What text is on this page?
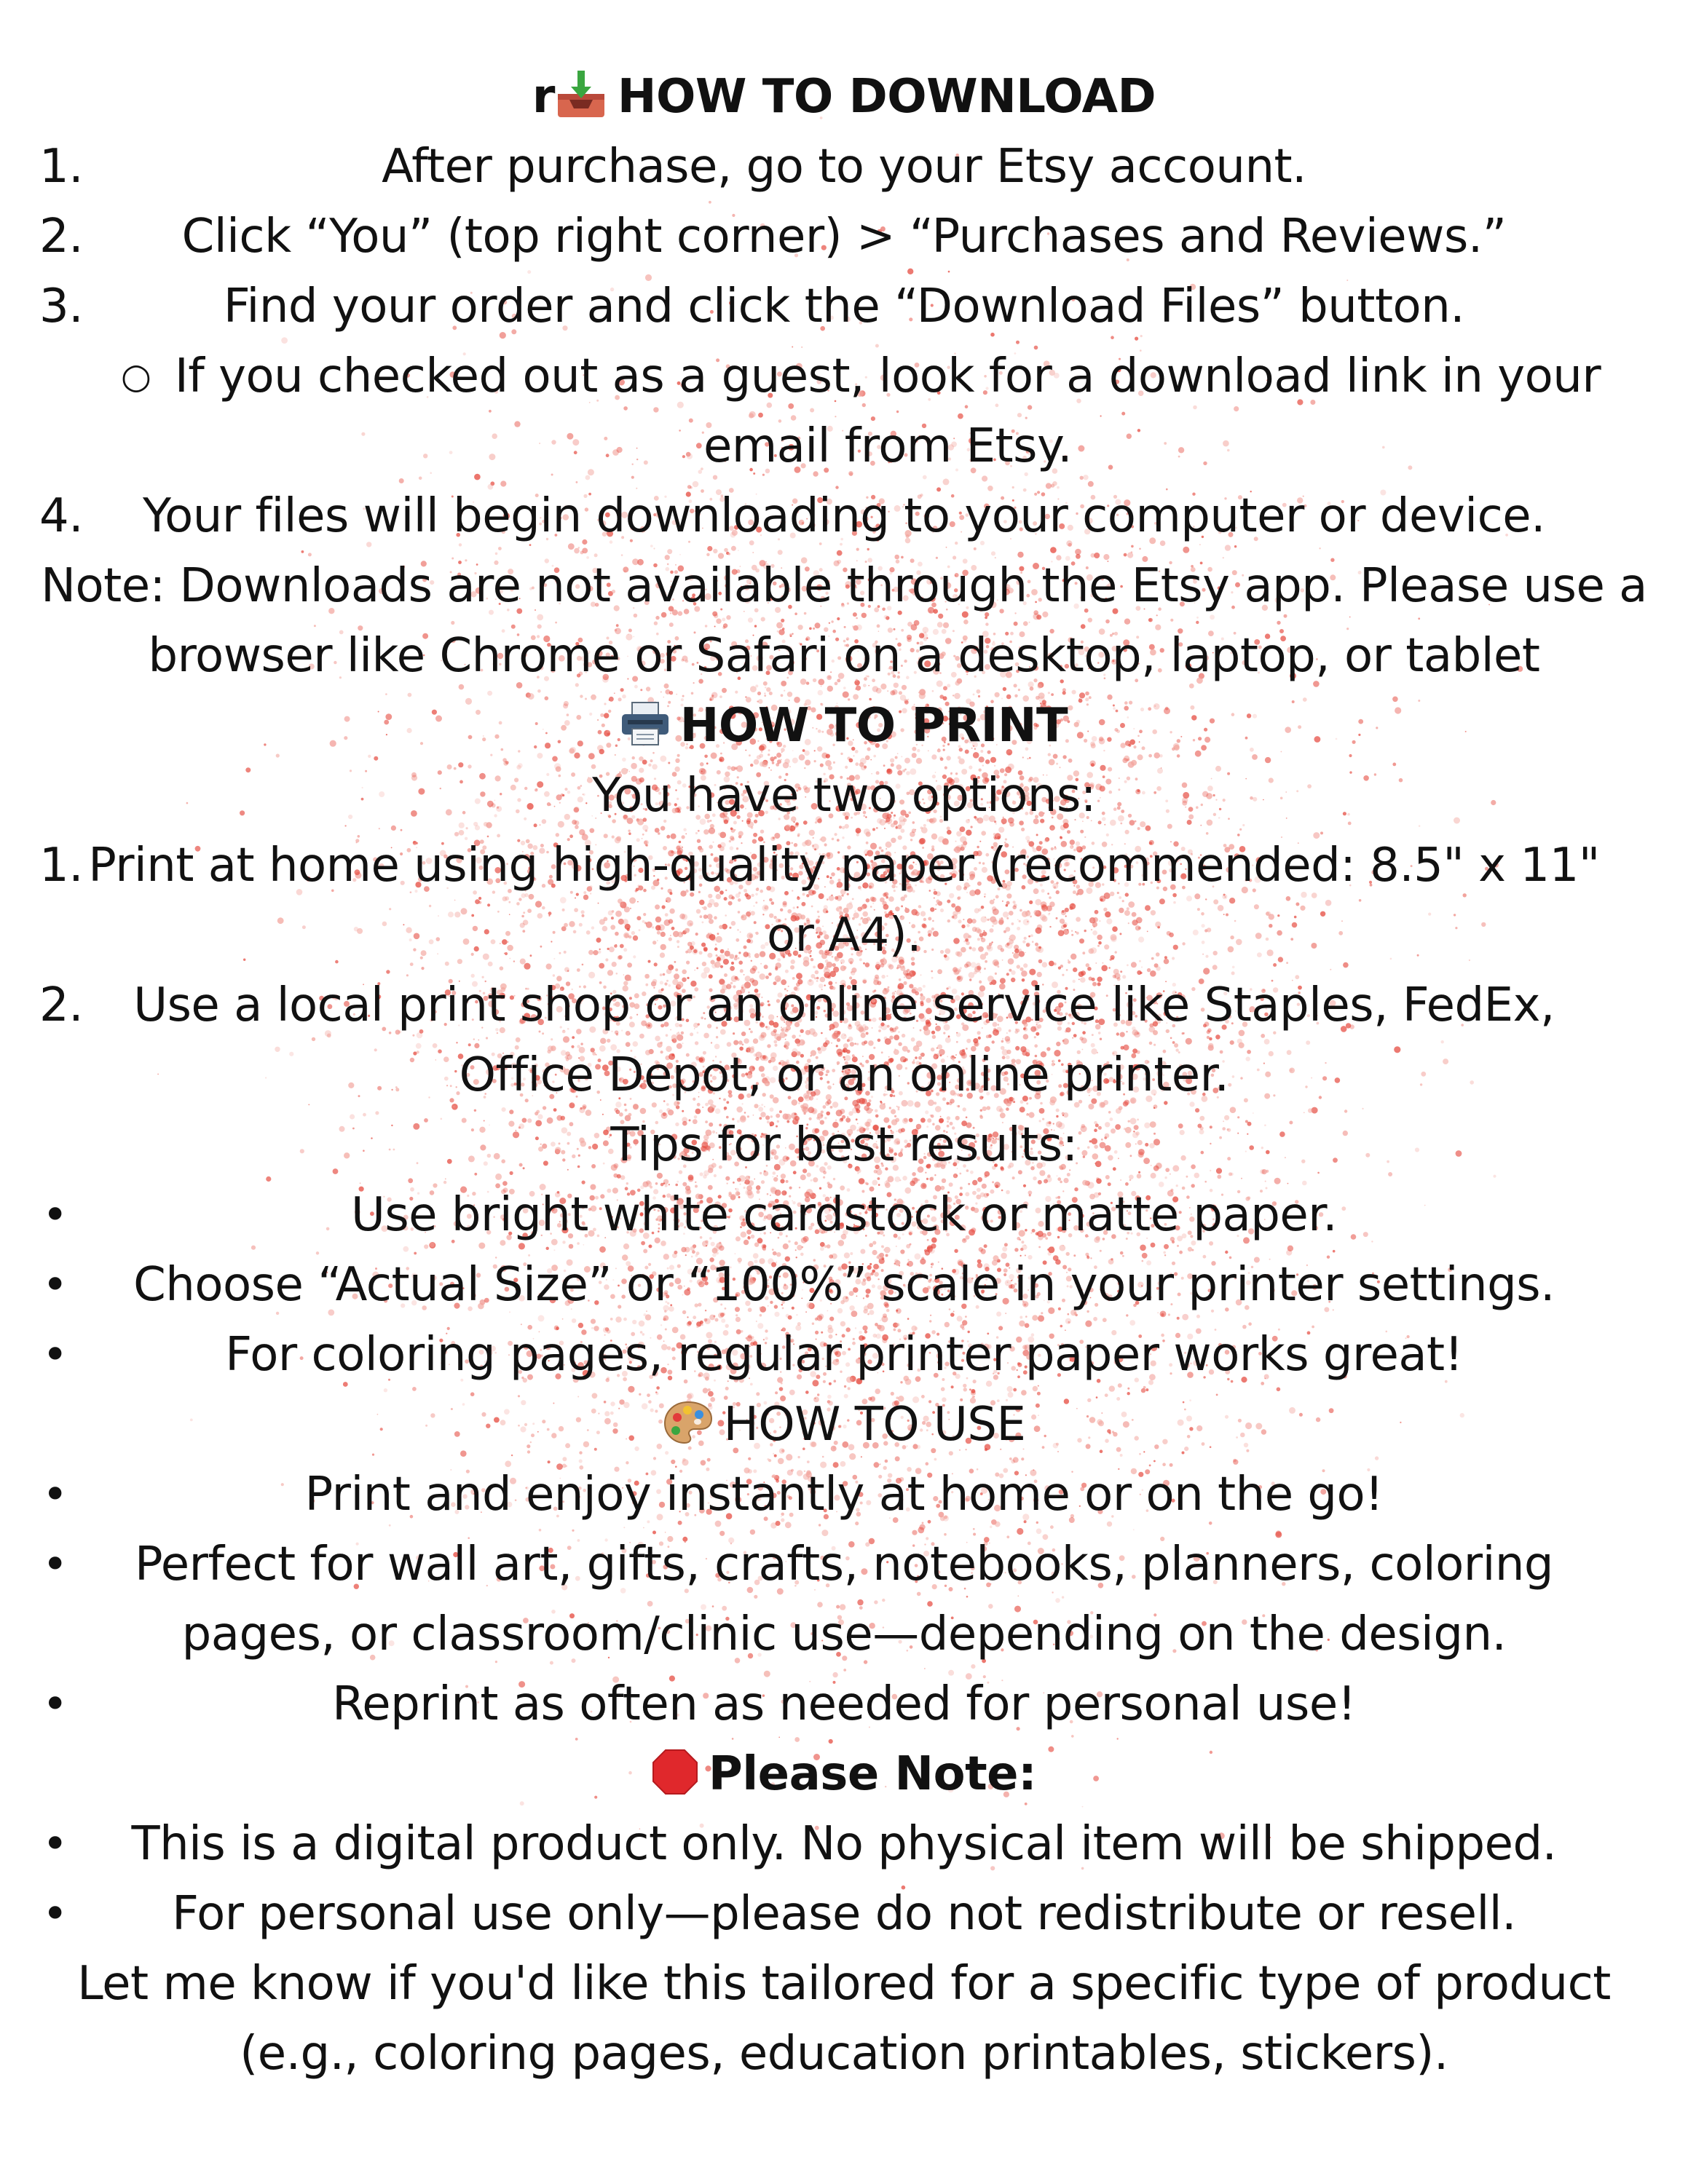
r HOW TO DOWNLOAD
1.	After purchase, go to your Etsy account.
2.	Click “You” (top right corner) > “Purchases and Reviews.”
3.	Find your order and click the “Download Files” button.
○ If you checked out as a guest, look for a download link in your
email from Etsy.
4.	Your files will begin downloading to your computer or device.
Note: Downloads are not available through the Etsy app. Please use a
browser like Chrome or Safari on a desktop, laptop, or tablet
HOW TO PRINT
You have two options:
1. Print at home using high-quality paper (recommended: 8.5" x 11"
or A4).
2.	Use a local print shop or an online service like Staples, FedEx,
Office Depot, or an online printer.
Tips for best results:
•	Use bright white cardstock or matte paper.
•	Choose “Actual Size” or “100%” scale in your printer settings.
•	For coloring pages, regular printer paper works great!
HOW TO USE
•	Print and enjoy instantly at home or on the go!
•	Perfect for wall art, gifts, crafts, notebooks, planners, coloring
pages, or classroom/clinic use—depending on the design.
•	Reprint as often as needed for personal use!
Please Note:
•	This is a digital product only. No physical item will be shipped.
•	For personal use only—please do not redistribute or resell.
Let me know if you'd like this tailored for a specific type of product
(e.g., coloring pages, education printables, stickers).
